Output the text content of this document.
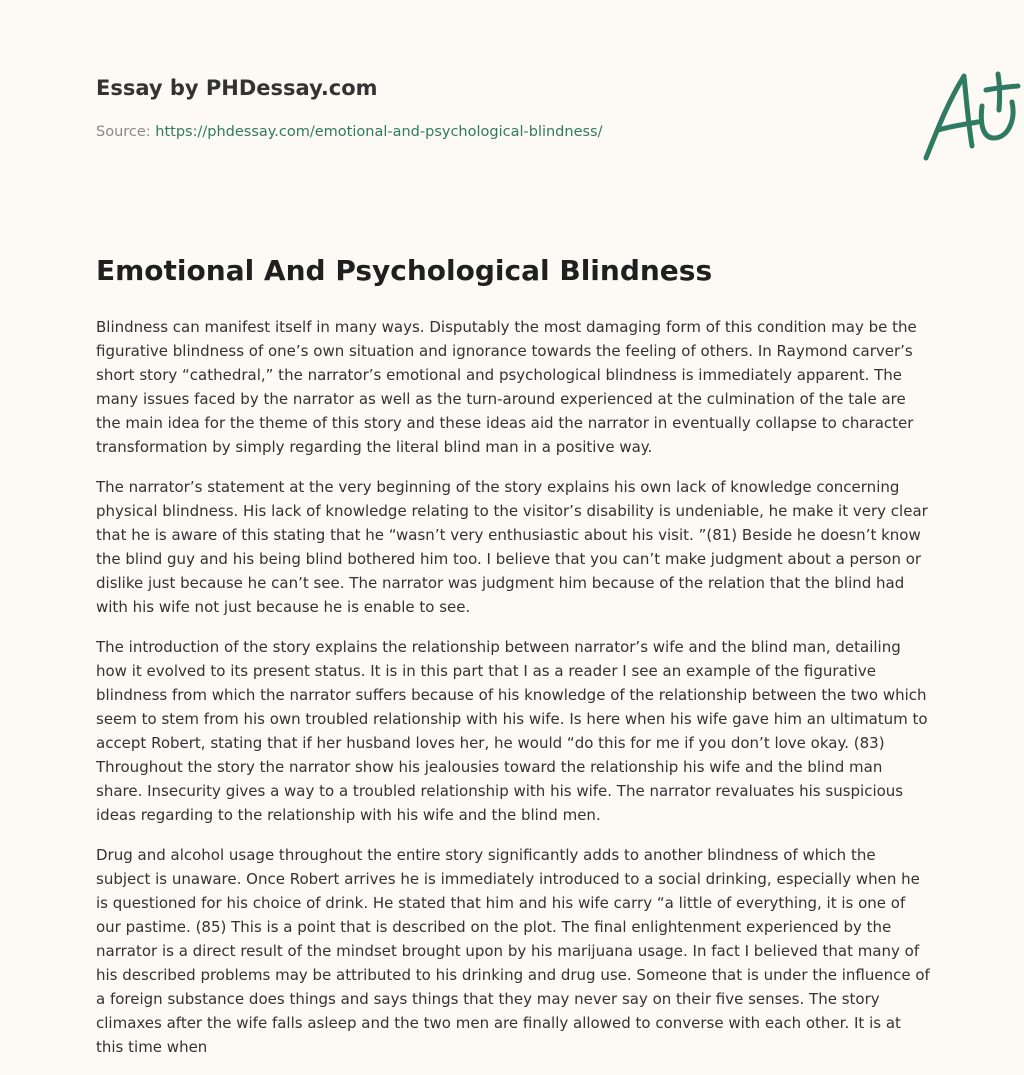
Essay by PHDessay.com
Source: https://phdessay.com/emotional-and-psychological-blindness/
Emotional And Psychological Blindness

Blindness can manifest itself in many ways. Disputably the most damaging form of this condition may be the figurative blindness of one’s own situation and ignorance towards the feeling of others. In Raymond carver’s short story “cathedral,” the narrator’s emotional and psychological blindness is immediately apparent. The many issues faced by the narrator as well as the turn-around experienced at the culmination of the tale are the main idea for the theme of this story and these ideas aid the narrator in eventually collapse to character transformation by simply regarding the literal blind man in a positive way.

The narrator’s statement at the very beginning of the story explains his own lack of knowledge concerning physical blindness. His lack of knowledge relating to the visitor’s disability is undeniable, he make it very clear that he is aware of this stating that he “wasn’t very enthusiastic about his visit. ”(81) Beside he doesn’t know the blind guy and his being blind bothered him too. I believe that you can’t make judgment about a person or dislike just because he can’t see. The narrator was judgment him because of the relation that the blind had with his wife not just because he is enable to see.

The introduction of the story explains the relationship between narrator’s wife and the blind man, detailing how it evolved to its present status. It is in this part that I as a reader I see an example of the figurative blindness from which the narrator suffers because of his knowledge of the relationship between the two which seem to stem from his own troubled relationship with his wife. Is here when his wife gave him an ultimatum to accept Robert, stating that if her husband loves her, he would “do this for me if you don’t love okay. (83) Throughout the story the narrator show his jealousies toward the relationship his wife and the blind man share. Insecurity gives a way to a troubled relationship with his wife. The narrator revaluates his suspicious ideas regarding to the relationship with his wife and the blind men.

Drug and alcohol usage throughout the entire story significantly adds to another blindness of which the subject is unaware. Once Robert arrives he is immediately introduced to a social drinking, especially when he is questioned for his choice of drink. He stated that him and his wife carry “a little of everything, it is one of our pastime. (85) This is a point that is described on the plot. The final enlightenment experienced by the narrator is a direct result of the mindset brought upon by his marijuana usage. In fact I believed that many of his described problems may be attributed to his drinking and drug use. Someone that is under the influence of a foreign substance does things and says things that they may never say on their five senses. The story climaxes after the wife falls asleep and the two men are finally allowed to converse with each other. It is at this time when
